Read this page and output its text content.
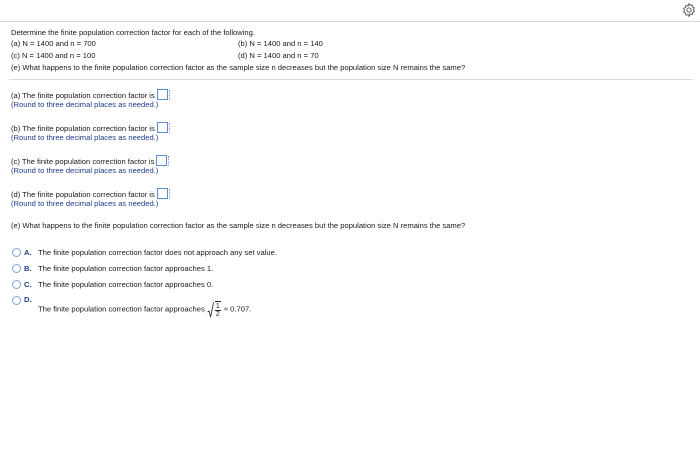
Determine the finite population correction factor for each of the following.
(a) N = 1400 and n = 700	(b) N = 1400 and n = 140
(c) N = 1400 and n = 100	(d) N = 1400 and n = 70
(e) What happens to the finite population correction factor as the sample size n decreases but the population size N remains the same?
(a) The finite population correction factor is
(Round to three decimal places as needed.)
(b) The finite population correction factor is
(Round to three decimal places as needed.)
(c) The finite population correction factor is
(Round to three decimal places as needed.)
(d) The finite population correction factor is
(Round to three decimal places as needed.)
(e) What happens to the finite population correction factor as the sample size n decreases but the population size N remains the same?
A. The finite population correction factor does not approach any set value.
B. The finite population correction factor approaches 1.
C. The finite population correction factor approaches 0.
D.
The finite population correction factor approaches $\frac{1}{2} \approx 0.707$.
